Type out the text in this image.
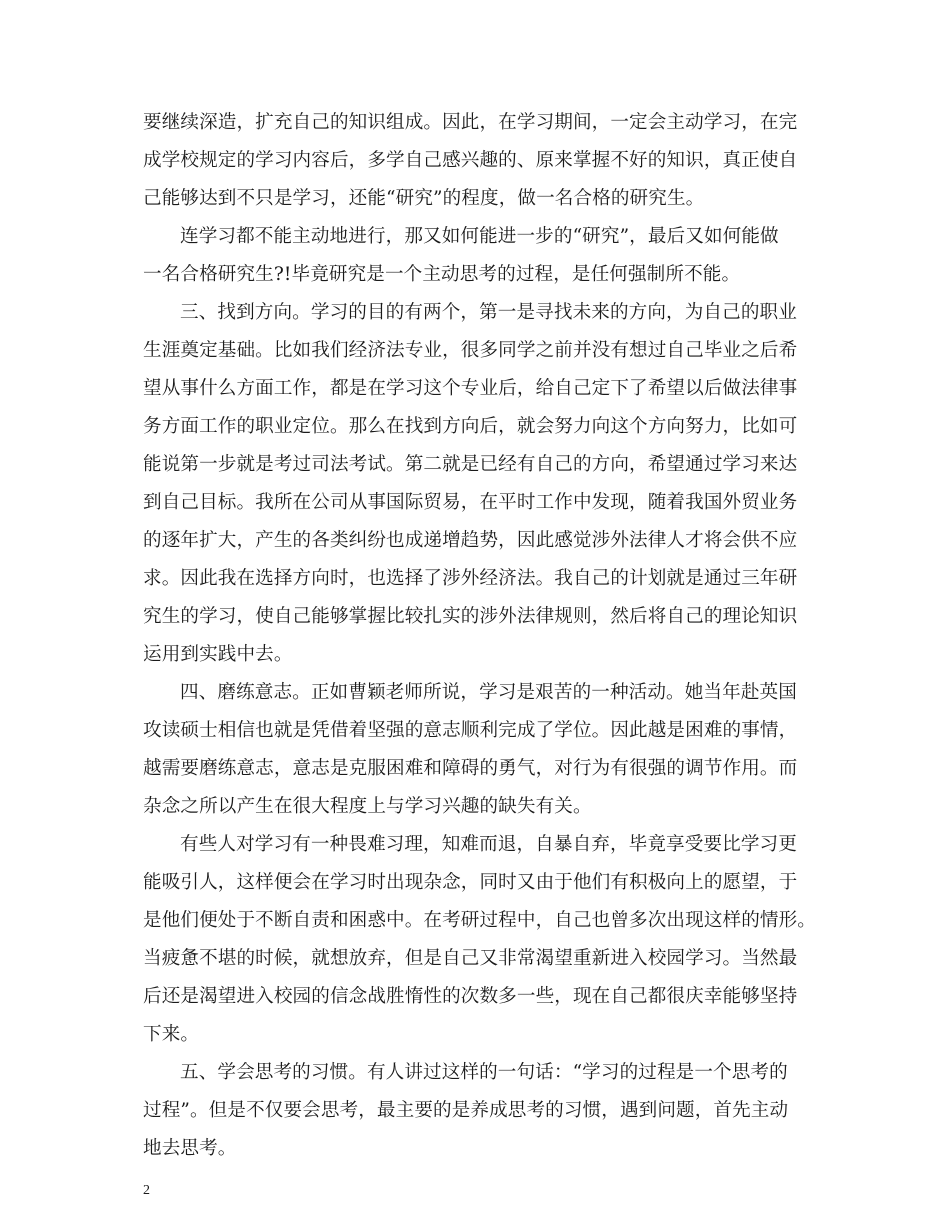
要继续深造，扩充自己的知识组成。因此，在学习期间，一定会主动学习，在完
成学校规定的学习内容后，多学自己感兴趣的、原来掌握不好的知识，真正使自
己能够达到不只是学习，还能“研究”的程度，做一名合格的研究生。
连学习都不能主动地进行，那又如何能进一步的“研究”，最后又如何能做
一名合格研究生?!毕竟研究是一个主动思考的过程，是任何强制所不能。
三、找到方向。学习的目的有两个，第一是寻找未来的方向，为自己的职业
生涯奠定基础。比如我们经济法专业，很多同学之前并没有想过自己毕业之后希
望从事什么方面工作，都是在学习这个专业后，给自己定下了希望以后做法律事
务方面工作的职业定位。那么在找到方向后，就会努力向这个方向努力，比如可
能说第一步就是考过司法考试。第二就是已经有自己的方向，希望通过学习来达
到自己目标。我所在公司从事国际贸易，在平时工作中发现，随着我国外贸业务
的逐年扩大，产生的各类纠纷也成递增趋势，因此感觉涉外法律人才将会供不应
求。因此我在选择方向时，也选择了涉外经济法。我自己的计划就是通过三年研
究生的学习，使自己能够掌握比较扎实的涉外法律规则，然后将自己的理论知识
运用到实践中去。
四、磨练意志。正如曹颖老师所说，学习是艰苦的一种活动。她当年赴英国
攻读硕士相信也就是凭借着坚强的意志顺利完成了学位。因此越是困难的事情，
越需要磨练意志，意志是克服困难和障碍的勇气，对行为有很强的调节作用。而
杂念之所以产生在很大程度上与学习兴趣的缺失有关。
有些人对学习有一种畏难习理，知难而退，自暴自弃，毕竟享受要比学习更
能吸引人，这样便会在学习时出现杂念，同时又由于他们有积极向上的愿望，于
是他们便处于不断自责和困惑中。在考研过程中，自己也曾多次出现这样的情形。
当疲惫不堪的时候，就想放弃，但是自己又非常渴望重新进入校园学习。当然最
后还是渴望进入校园的信念战胜惰性的次数多一些，现在自己都很庆幸能够坚持
下来。
五、学会思考的习惯。有人讲过这样的一句话：“学习的过程是一个思考的
过程”。但是不仅要会思考，最主要的是养成思考的习惯，遇到问题，首先主动
2
地去思考。
